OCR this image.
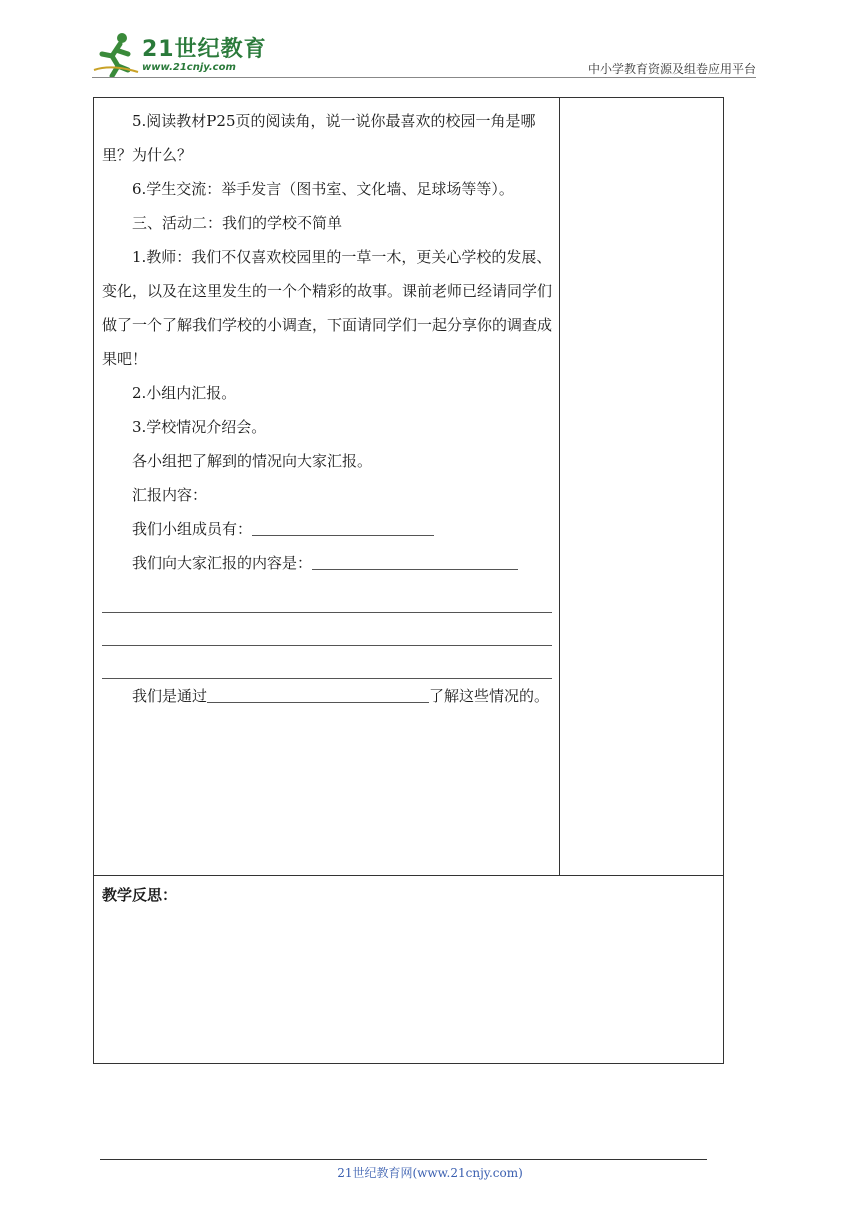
21世纪教育
www.21cnjy.com	中小学教育资源及组卷应用平台

5.阅读教材P25页的阅读角，说一说你最喜欢的校园一角是哪里？为什么？

6.学生交流：举手发言（图书室、文化墙、足球场等等）。

三、活动二：我们的学校不简单

1.教师：我们不仅喜欢校园里的一草一木，更关心学校的发展、变化，以及在这里发生的一个个精彩的故事。课前老师已经请同学们做了一个了解我们学校的小调查，下面请同学们一起分享你的调查成果吧！

2.小组内汇报。

3.学校情况介绍会。

各小组把了解到的情况向大家汇报。

汇报内容：

我们小组成员有：

我们向大家汇报的内容是：

我们是通过	了解这些情况的。

教学反思：
21世纪教育网(www.21cnjy.com)
